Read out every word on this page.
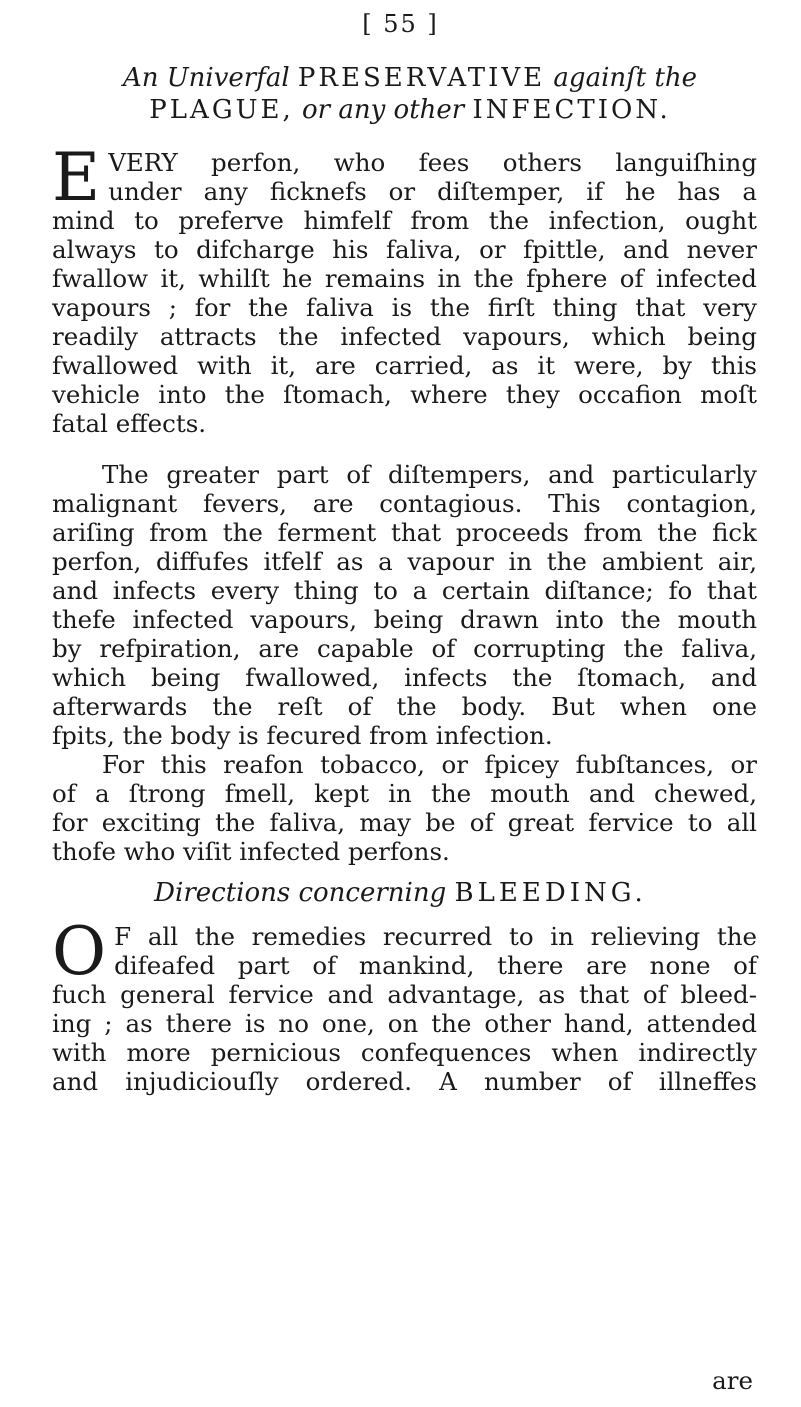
[ 55 ]
An Univerfal PRESERVATIVE againſt the
PLAGUE, or any other INFECTION.
E VERY perfon, who fees others languiſhing
under any ficknefs or diſtemper, if he has a
mind to preferve himfelf from the infection, ought
always to difcharge his faliva, or fpittle, and never
fwallow it, whilſt he remains in the fphere of infected
vapours ; for the faliva is the firſt thing that very
readily attracts the infected vapours, which being
fwallowed with it, are carried, as it were, by this
vehicle into the ſtomach, where they occafion moſt
fatal effects.
The greater part of diſtempers, and particularly
malignant fevers, are contagious. This contagion,
ariſing from the ferment that proceeds from the fick
perfon, diffufes itfelf as a vapour in the ambient air,
and infects every thing to a certain diſtance; fo that
thefe infected vapours, being drawn into the mouth
by refpiration, are capable of corrupting the faliva,
which being fwallowed, infects the ſtomach, and
afterwards the reſt of the body. But when one
fpits, the body is fecured from infection.
For this reafon tobacco, or fpicey fubſtances, or
of a ſtrong fmell, kept in the mouth and chewed,
for exciting the faliva, may be of great fervice to all
thofe who viſit infected perfons.
Directions concerning BLEEDING.
O F all the remedies recurred to in relieving the
difeafed part of mankind, there are none of
fuch general fervice and advantage, as that of bleed-
ing ; as there is no one, on the other hand, attended
with more pernicious confequences when indirectly
and injudiciouſly ordered. A number of illneffes
are
